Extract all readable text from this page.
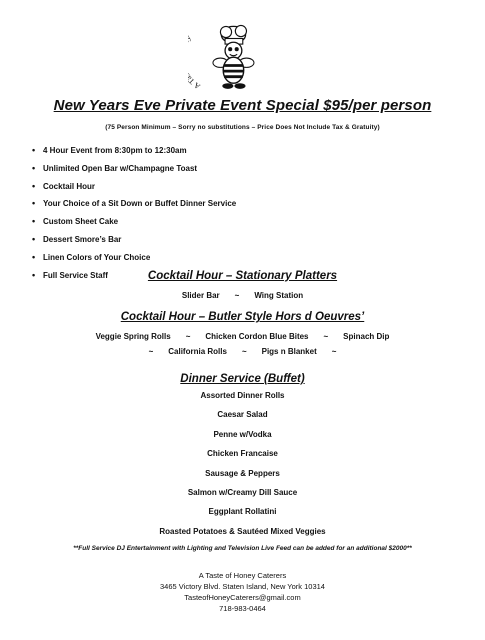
A
New Years Eve Private Event Special $95/per person
(75 Person Minimum – Sorry no substitutions – Price Does Not Include Tax & Gratuity)
• 4 Hour Event from 8:30pm to 12:30am
• Unlimited Open Bar w/Champagne Toast
• Cocktail Hour
• Your Choice of a Sit Down or Buffet Dinner Service
• Custom Sheet Cake
• Dessert Smore’s Bar
• Linen Colors of Your Choice
• Full Service Staff	Cocktail Hour – Stationary Platters
Slider Bar ~ Wing Station
Cocktail Hour – Butler Style Hors d Oeuvres’
Veggie Spring Rolls ~ Chicken Cordon Blue Bites ~ Spinach Dip
~ California Rolls ~ Pigs n Blanket ~
Dinner Service (Buffet)
Assorted Dinner Rolls
Caesar Salad
Penne w/Vodka
Chicken Francaise
Sausage & Peppers
Salmon w/Creamy Dill Sauce
Eggplant Rollatini
Roasted Potatoes & Sautéed Mixed Veggies
**Full Service DJ Entertainment with Lighting and Television Live Feed can be added for an additional $2000**
A Taste of Honey Caterers
3465 Victory Blvd. Staten Island, New York 10314
TasteofHoneyCaterers@gmail.com
718-983-0464
